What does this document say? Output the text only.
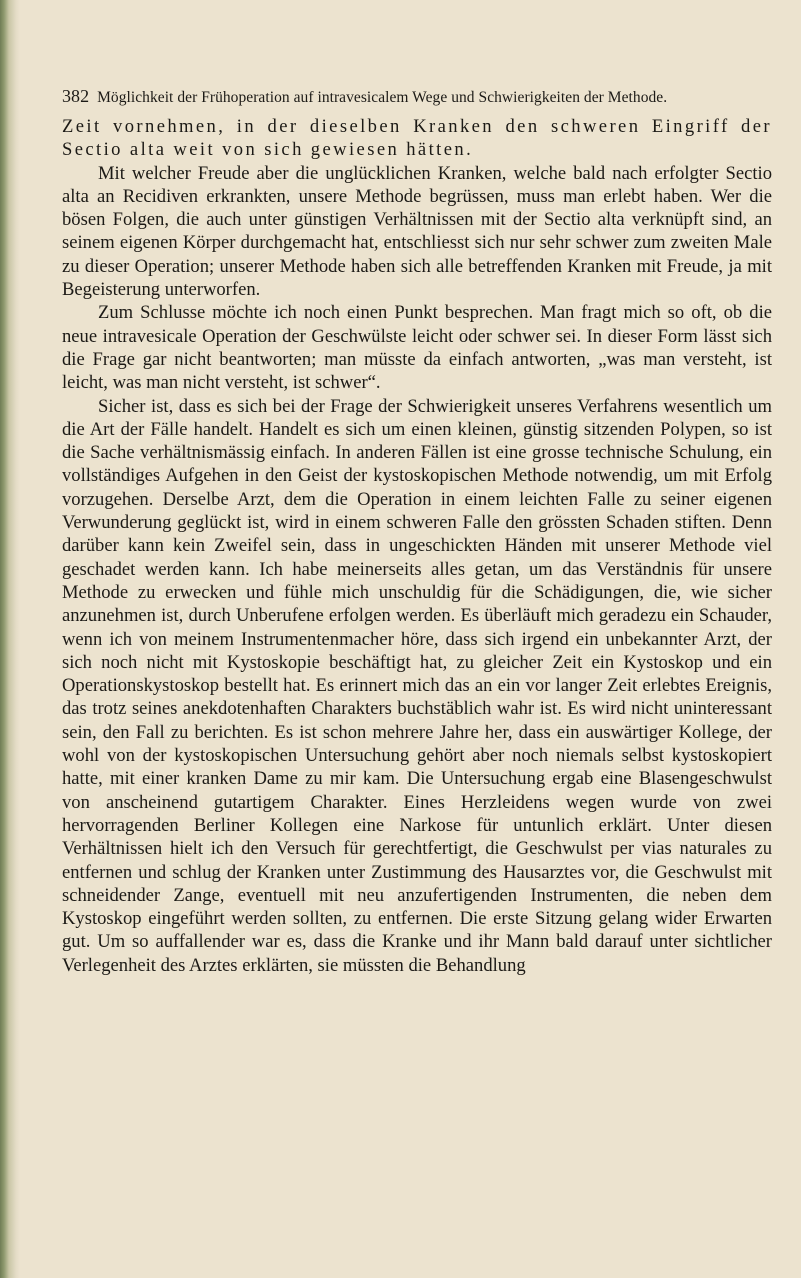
382 Möglichkeit der Frühoperation auf intravesicalem Wege und Schwierigkeiten der Methode.

Zeit vornehmen, in der dieselben Kranken den schweren Eingriff der Sectio alta weit von sich gewiesen hätten.

Mit welcher Freude aber die unglücklichen Kranken, welche bald nach erfolgter Sectio alta an Recidiven erkrankten, unsere Methode begrüssen, muss man erlebt haben. Wer die bösen Folgen, die auch unter günstigen Verhältnissen mit der Sectio alta verknüpft sind, an seinem eigenen Körper durchgemacht hat, entschliesst sich nur sehr schwer zum zweiten Male zu dieser Operation; unserer Methode haben sich alle betreffenden Kranken mit Freude, ja mit Begeisterung unterworfen.

Zum Schlusse möchte ich noch einen Punkt besprechen. Man fragt mich so oft, ob die neue intravesicale Operation der Geschwülste leicht oder schwer sei. In dieser Form lässt sich die Frage gar nicht beantworten; man müsste da einfach antworten, „was man versteht, ist leicht, was man nicht versteht, ist schwer“.

Sicher ist, dass es sich bei der Frage der Schwierigkeit unseres Verfahrens wesentlich um die Art der Fälle handelt. Handelt es sich um einen kleinen, günstig sitzenden Polypen, so ist die Sache verhältnismässig einfach. In anderen Fällen ist eine grosse technische Schulung, ein vollständiges Aufgehen in den Geist der kystoskopischen Methode notwendig, um mit Erfolg vorzugehen. Derselbe Arzt, dem die Operation in einem leichten Falle zu seiner eigenen Verwunderung geglückt ist, wird in einem schweren Falle den grössten Schaden stiften. Denn darüber kann kein Zweifel sein, dass in ungeschickten Händen mit unserer Methode viel geschadet werden kann. Ich habe meinerseits alles getan, um das Verständnis für unsere Methode zu erwecken und fühle mich unschuldig für die Schädigungen, die, wie sicher anzunehmen ist, durch Unberufene erfolgen werden. Es überläuft mich geradezu ein Schauder, wenn ich von meinem Instrumentenmacher höre, dass sich irgend ein unbekannter Arzt, der sich noch nicht mit Kystoskopie beschäftigt hat, zu gleicher Zeit ein Kystoskop und ein Operationskystoskop bestellt hat. Es erinnert mich das an ein vor langer Zeit erlebtes Ereignis, das trotz seines anekdotenhaften Charakters buchstäblich wahr ist. Es wird nicht uninteressant sein, den Fall zu berichten. Es ist schon mehrere Jahre her, dass ein auswärtiger Kollege, der wohl von der kystoskopischen Untersuchung gehört aber noch niemals selbst kystoskopiert hatte, mit einer kranken Dame zu mir kam. Die Untersuchung ergab eine Blasengeschwulst von anscheinend gutartigem Charakter. Eines Herzleidens wegen wurde von zwei hervorragenden Berliner Kollegen eine Narkose für untunlich erklärt. Unter diesen Verhältnissen hielt ich den Versuch für gerechtfertigt, die Geschwulst per vias naturales zu entfernen und schlug der Kranken unter Zustimmung des Hausarztes vor, die Geschwulst mit schneidender Zange, eventuell mit neu anzufertigenden Instrumenten, die neben dem Kystoskop eingeführt werden sollten, zu entfernen. Die erste Sitzung gelang wider Erwarten gut. Um so auffallender war es, dass die Kranke und ihr Mann bald darauf unter sichtlicher Verlegenheit des Arztes erklärten, sie müssten die Behandlung
